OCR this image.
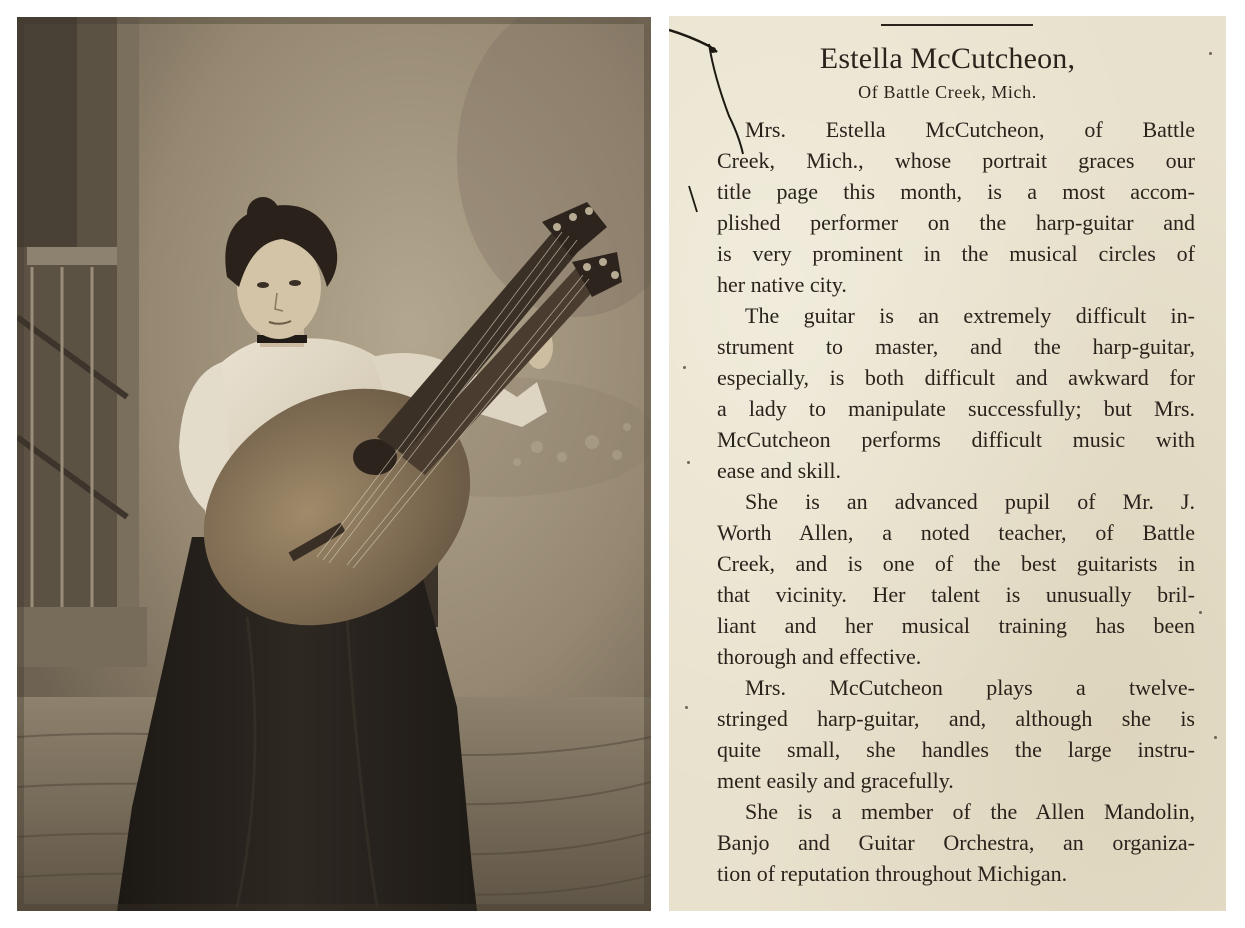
Estella McCutcheon,
Of Battle Creek, Mich.

Mrs. Estella McCutcheon, of Battle
Creek, Mich., whose portrait graces our
title page this month, is a most accom-
plished performer on the harp-guitar and
is very prominent in the musical circles of
her native city.

The guitar is an extremely difficult in-
strument to master, and the harp-guitar,
especially, is both difficult and awkward for
a lady to manipulate successfully; but Mrs.
McCutcheon performs difficult music with
ease and skill.

She is an advanced pupil of Mr. J.
Worth Allen, a noted teacher, of Battle
Creek, and is one of the best guitarists in
that vicinity. Her talent is unusually bril-
liant and her musical training has been
thorough and effective.

Mrs. McCutcheon plays a twelve-
stringed harp-guitar, and, although she is
quite small, she handles the large instru-
ment easily and gracefully.

She is a member of the Allen Mandolin,
Banjo and Guitar Orchestra, an organiza-
tion of reputation throughout Michigan.
